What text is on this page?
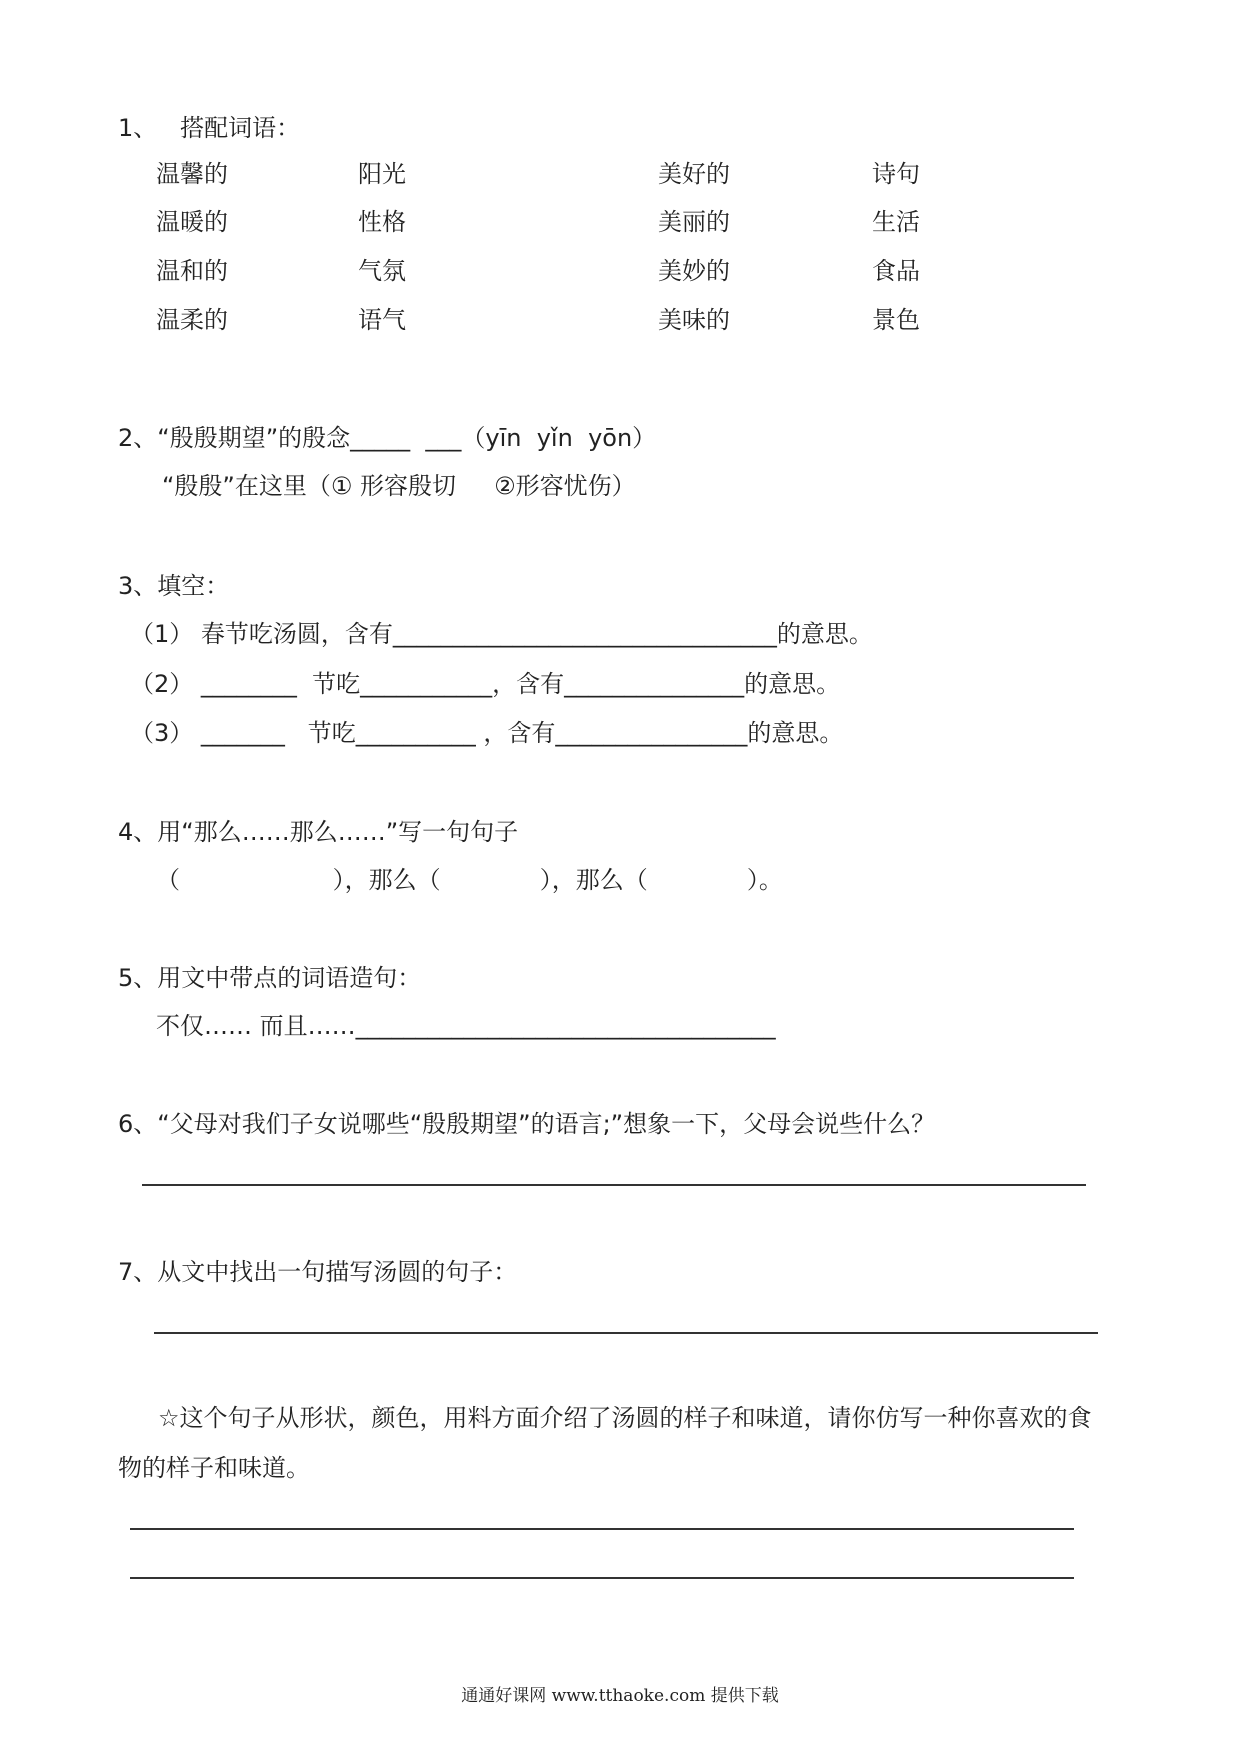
1、   搭配词语：
温馨的	阳光	美好的	诗句
温暖的	性格	美丽的	生活
温和的	气氛	美妙的	食品
温柔的	语气	美味的	景色
2、“殷殷期望”的殷念_____  ___（yīn  yǐn  yōn）
“殷殷”在这里（① 形容殷切     ②形容忧伤）
3、填空：
（1） 春节吃汤圆，含有________________________________的意思。
（2） ________  节吃___________，含有_______________的意思。
（3） _______   节吃__________ ，含有________________的意思。
4、用“那么……那么……”写一句句子
（                    ），那么（             ），那么（             ）。
5、用文中带点的词语造句：
不仅…… 而且……___________________________________
6、“父母对我们子女说哪些“殷殷期望”的语言;”想象一下，父母会说些什么？
7、从文中找出一句描写汤圆的句子：
☆这个句子从形状，颜色，用料方面介绍了汤圆的样子和味道，请你仿写一种你喜欢的食
物的样子和味道。
通通好课网 www.tthaoke.com 提供下载
